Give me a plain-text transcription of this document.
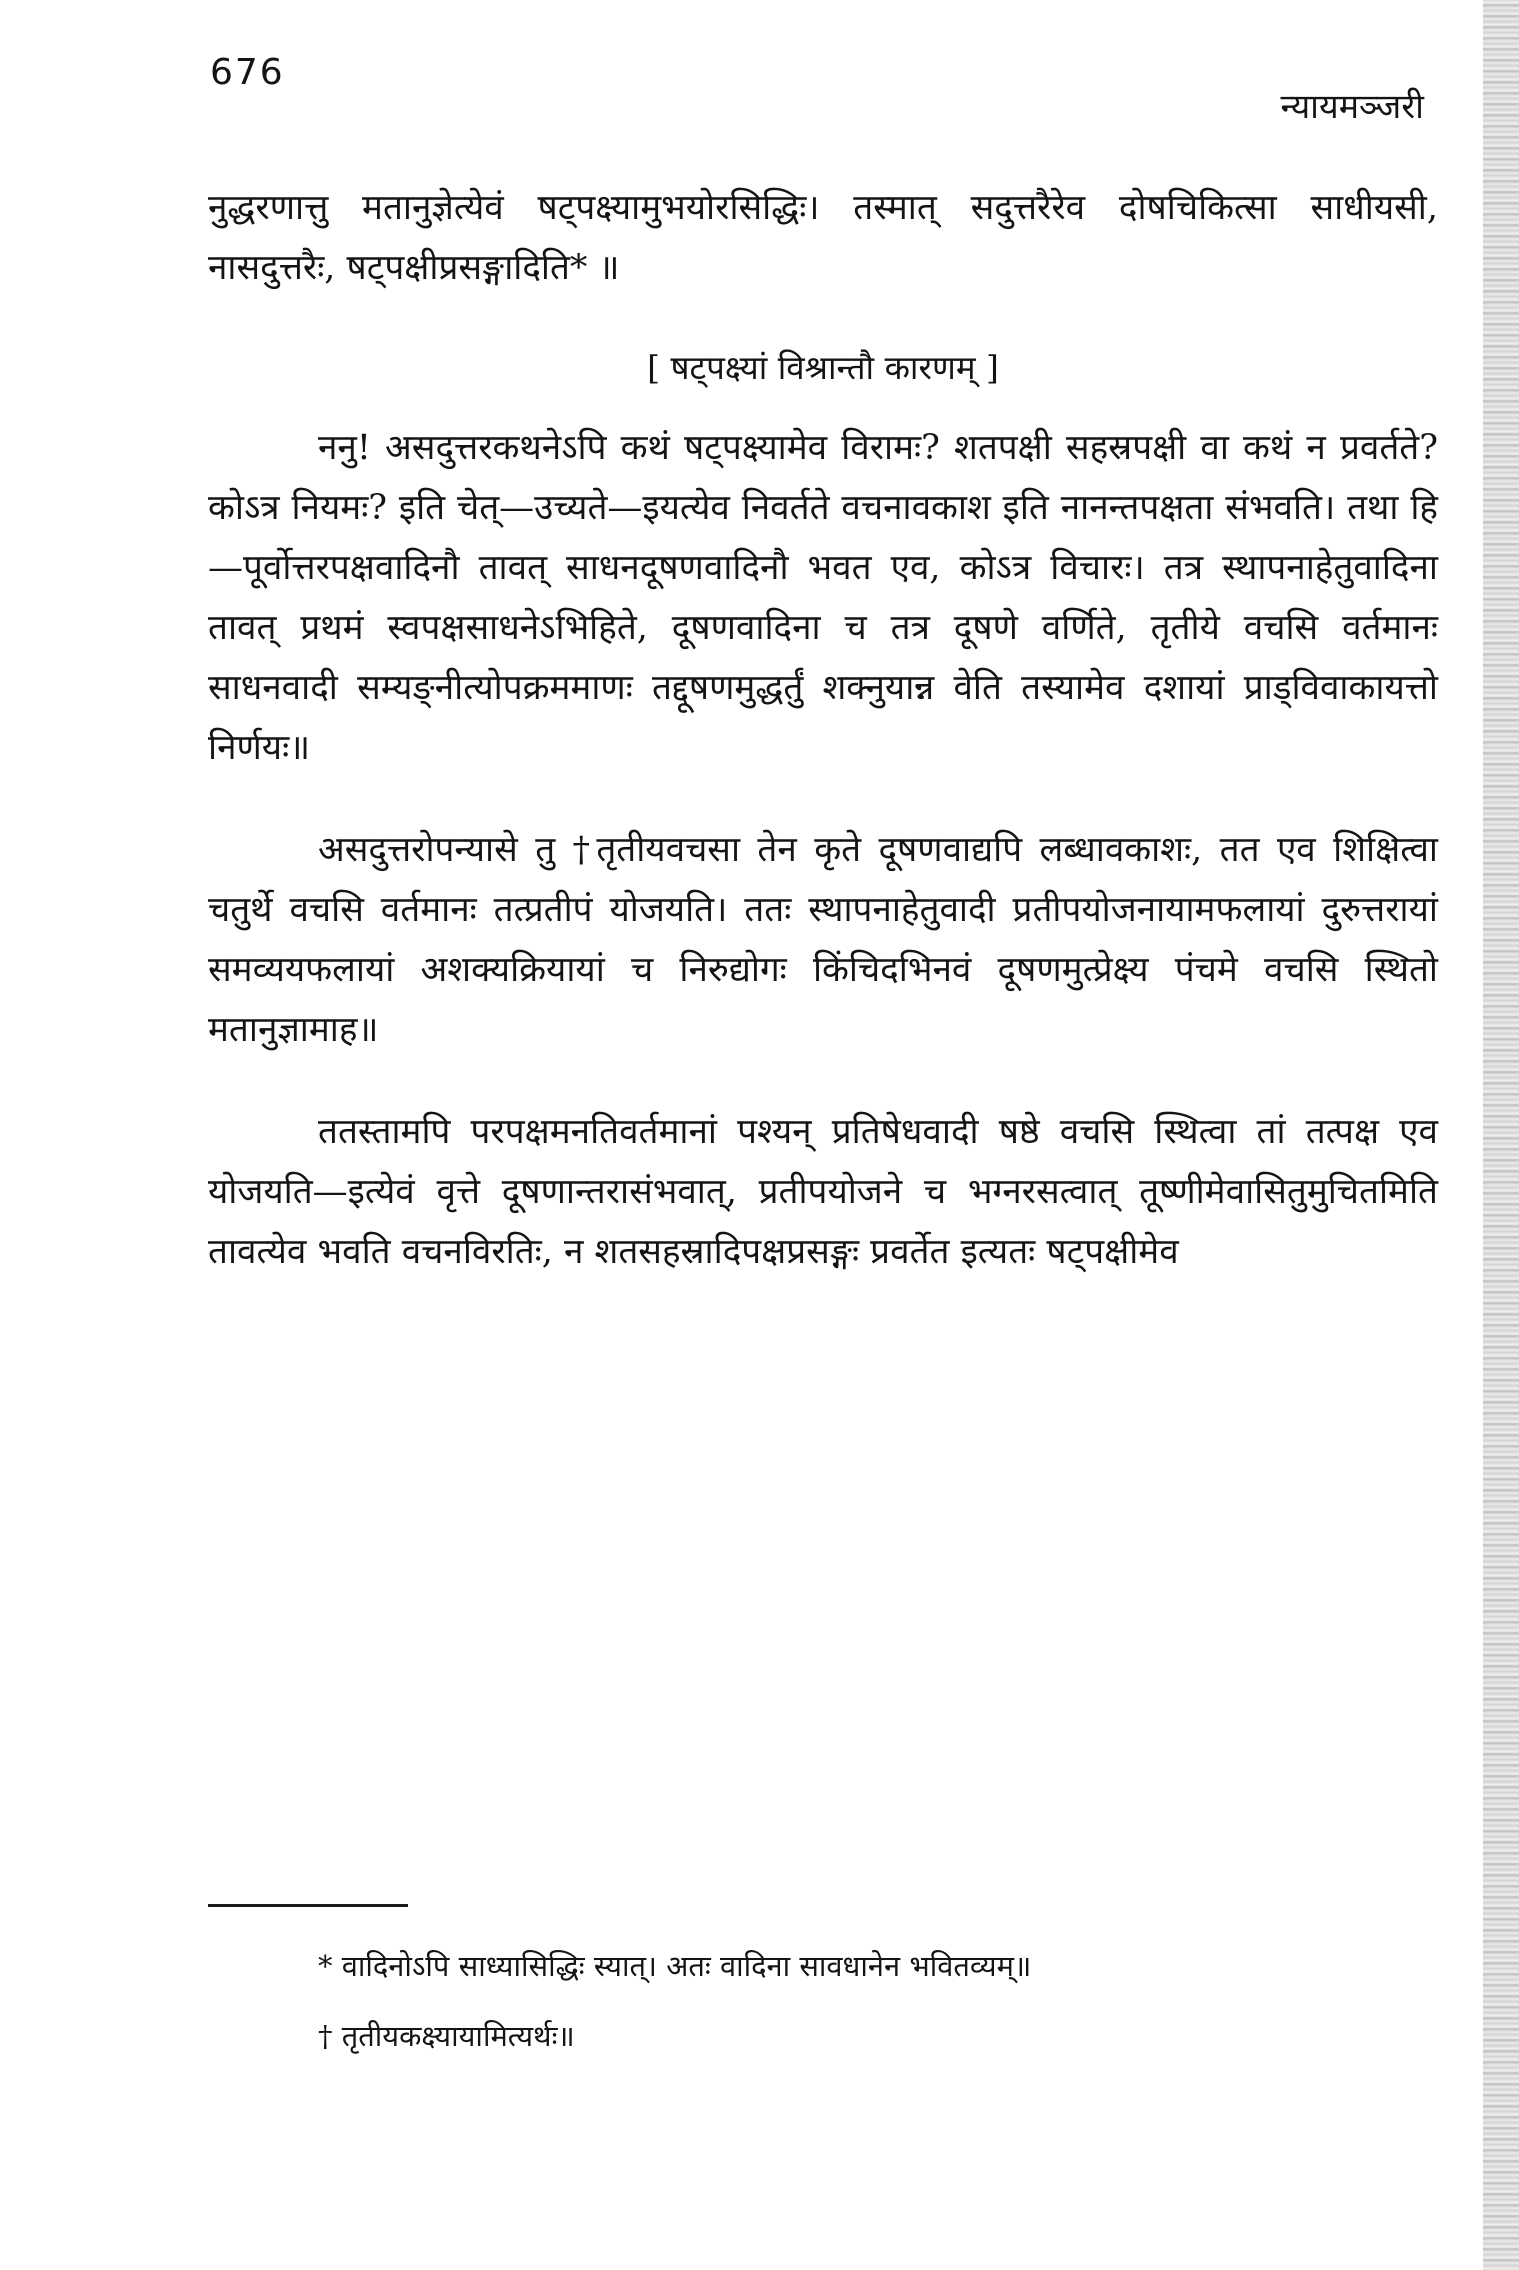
676
न्यायमञ्जरी

नुद्धरणात्तु मतानुज्ञेत्येवं षट्पक्ष्यामुभयोरसिद्धिः। तस्मात् सदुत्तरैरेव दोषचिकित्सा साधीयसी, नासदुत्तरैः, षट्पक्षीप्रसङ्गादिति* ॥

[ षट्पक्ष्यां विश्रान्तौ कारणम् ]

ननु! असदुत्तरकथनेऽपि कथं षट्पक्ष्यामेव विरामः? शतपक्षी सहस्रपक्षी वा कथं न प्रवर्तते? कोऽत्र नियमः? इति चेत्—उच्यते—इयत्येव निवर्तते वचनावकाश इति नानन्तपक्षता संभवति। तथा हि—पूर्वोत्तरपक्षवादिनौ तावत् साधनदूषणवादिनौ भवत एव, कोऽत्र विचारः। तत्र स्थापनाहेतुवादिना तावत् प्रथमं स्वपक्षसाधनेऽभिहिते, दूषणवादिना च तत्र दूषणे वर्णिते, तृतीये वचसि वर्तमानः साधनवादी सम्यङ्नीत्योपक्रममाणः तद्दूषणमुद्धर्तुं शक्नुयान्न वेति तस्यामेव दशायां प्राड्विवाकायत्तो निर्णयः॥

असदुत्तरोपन्यासे तु †तृतीयवचसा तेन कृते दूषणवाद्यपि लब्धावकाशः, तत एव शिक्षित्वा चतुर्थे वचसि वर्तमानः तत्प्रतीपं योजयति। ततः स्थापनाहेतुवादी प्रतीपयोजनायामफलायां दुरुत्तरायां समव्ययफलायां अशक्यक्रियायां च निरुद्योगः किंचिदभिनवं दूषणमुत्प्रेक्ष्य पंचमे वचसि स्थितो मतानुज्ञामाह॥

ततस्तामपि परपक्षमनतिवर्तमानां पश्यन् प्रतिषेधवादी षष्ठे वचसि स्थित्वा तां तत्पक्ष एव योजयति—इत्येवं वृत्ते दूषणान्तरासंभवात्, प्रतीपयोजने च भग्नरसत्वात् तूष्णीमेवासितुमुचितमिति तावत्येव भवति वचनविरतिः, न शतसहस्रादिपक्षप्रसङ्गः प्रवर्तेत इत्यतः षट्पक्षीमेव

* वादिनोऽपि साध्यासिद्धिः स्यात्। अतः वादिना सावधानेन भवितव्यम्॥

† तृतीयकक्ष्यायामित्यर्थः॥
